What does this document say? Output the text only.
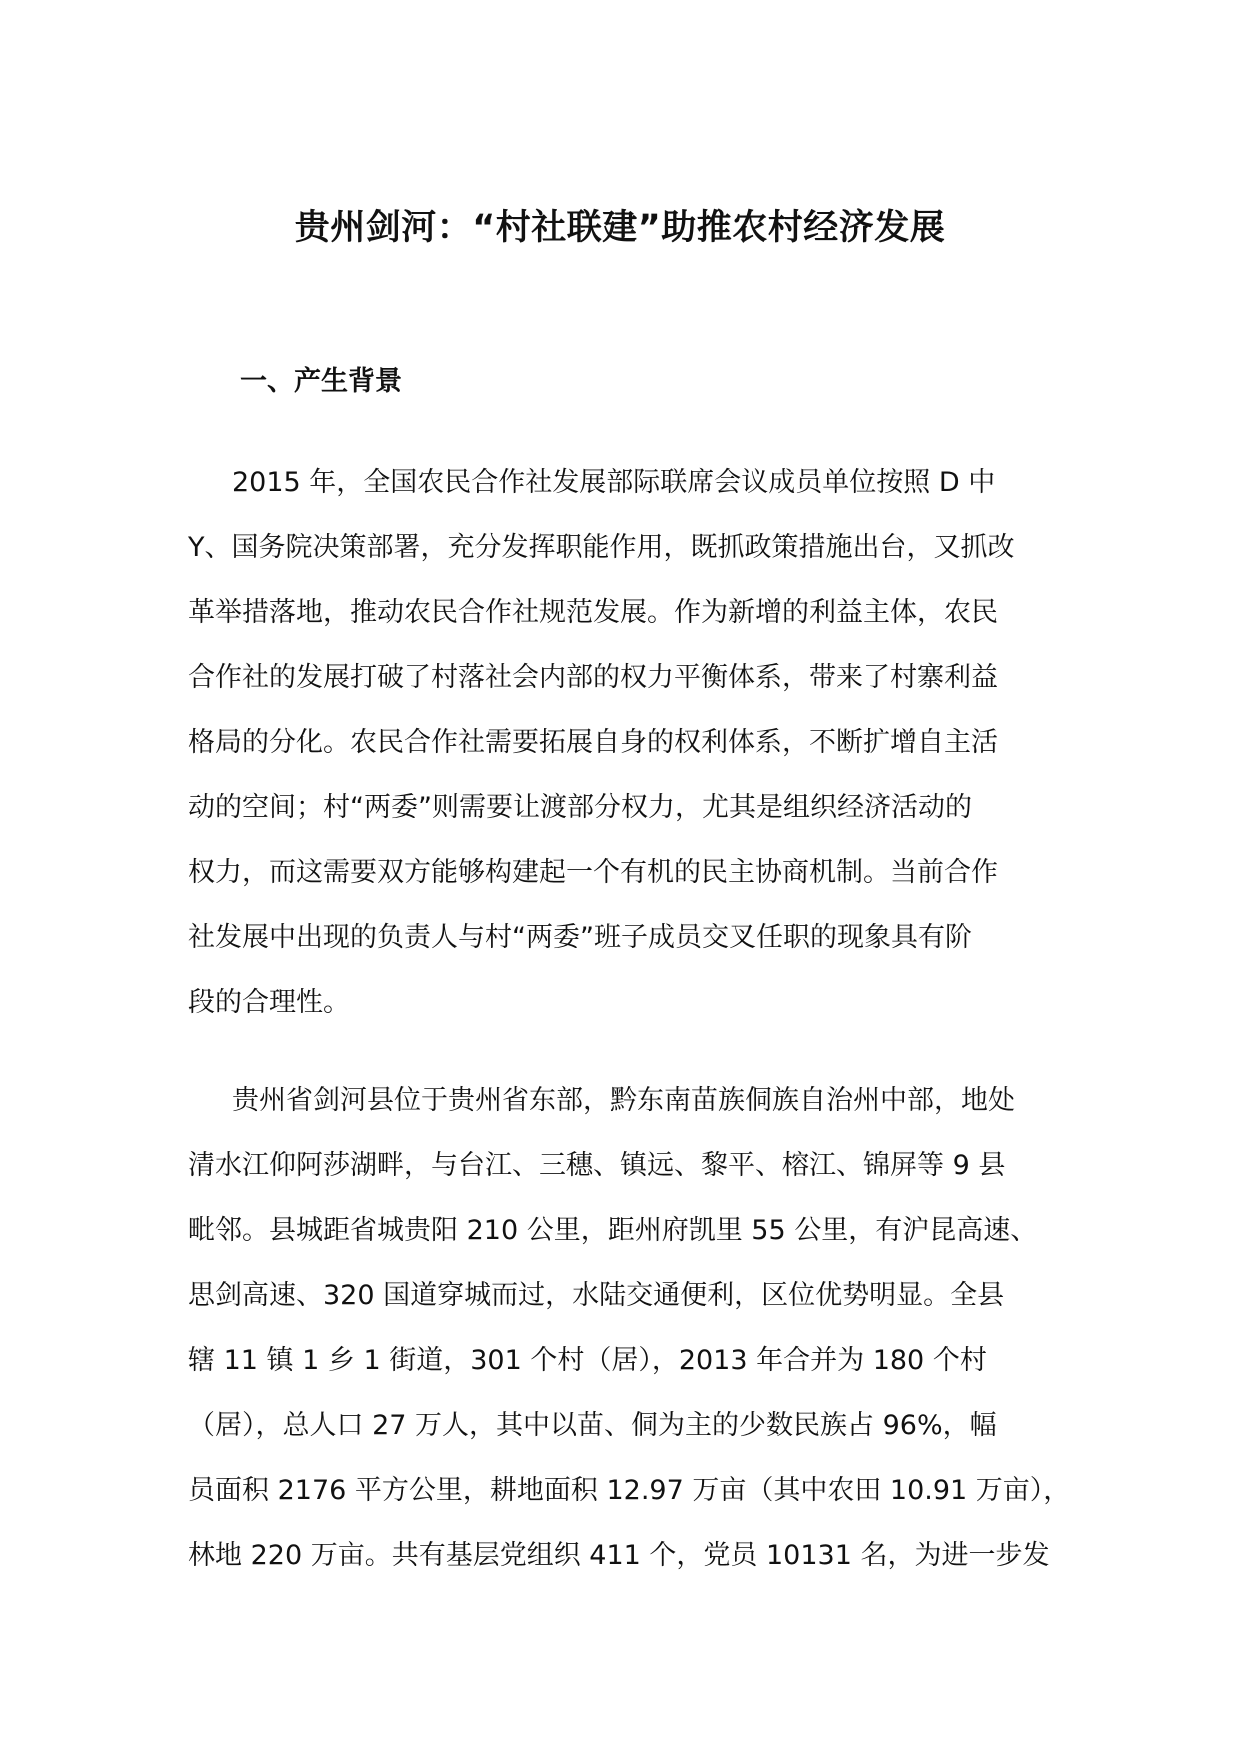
贵州剑河：“村社联建”助推农村经济发展
一、产生背景
2015 年，全国农民合作社发展部际联席会议成员单位按照 D 中
Y、国务院决策部署，充分发挥职能作用，既抓政策措施出台，又抓改
革举措落地，推动农民合作社规范发展。作为新增的利益主体，农民
合作社的发展打破了村落社会内部的权力平衡体系，带来了村寨利益
格局的分化。农民合作社需要拓展自身的权利体系，不断扩增自主活
动的空间；村“两委”则需要让渡部分权力，尤其是组织经济活动的
权力，而这需要双方能够构建起一个有机的民主协商机制。当前合作
社发展中出现的负责人与村“两委”班子成员交叉任职的现象具有阶
段的合理性。
贵州省剑河县位于贵州省东部，黔东南苗族侗族自治州中部，地处
清水江仰阿莎湖畔，与台江、三穗、镇远、黎平、榕江、锦屏等 9 县
毗邻。县城距省城贵阳 210 公里，距州府凯里 55 公里，有沪昆高速、
思剑高速、320 国道穿城而过，水陆交通便利，区位优势明显。全县
辖 11 镇 1 乡 1 街道，301 个村（居），2013 年合并为 180 个村
（居），总人口 27 万人，其中以苗、侗为主的少数民族占 96%，幅
员面积 2176 平方公里，耕地面积 12.97 万亩（其中农田 10.91 万亩），
林地 220 万亩。共有基层党组织 411 个，党员 10131 名，为进一步发
